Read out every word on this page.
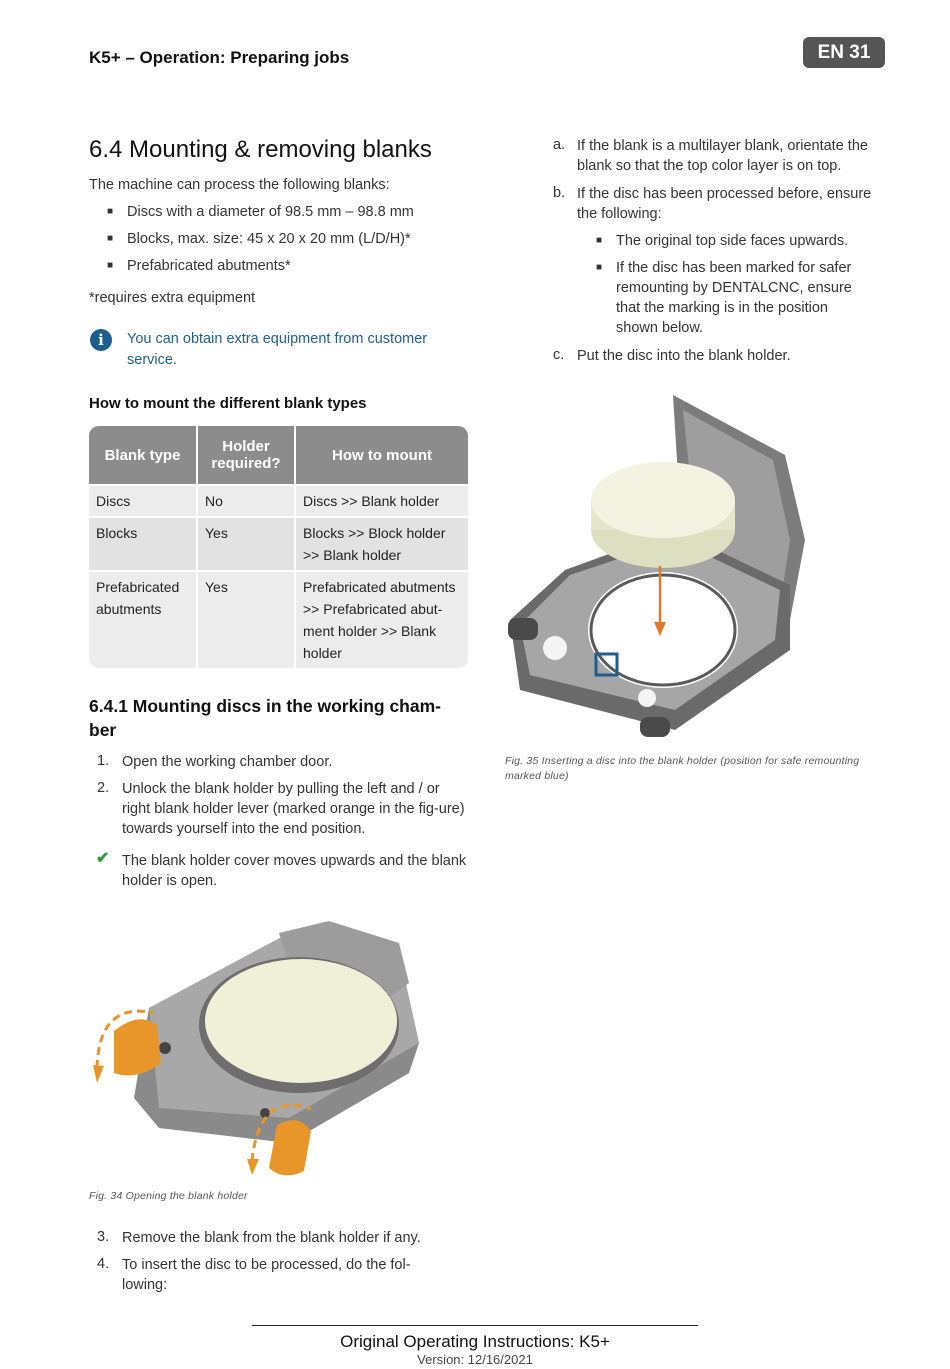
K5+ – Operation: Preparing jobs	EN 31
6.4 Mounting & removing blanks
The machine can process the following blanks:
■ Discs with a diameter of 98.5 mm – 98.8 mm
■ Blocks, max. size: 45 x 20 x 20 mm (L/D/H)*
■ Prefabricated abutments*
*requires extra equipment
i	You can obtain extra equipment from customer service.
How to mount the different blank types
Blank type	Holder required?	How to mount
Discs	No	Discs >> Blank holder
Blocks	Yes	Blocks >> Block holder >> Blank holder
Prefabricated abutments	Yes	Prefabricated abutments >> Prefabricated abut-ment holder >> Blank holder
6.4.1 Mounting discs in the working cham-ber
1. Open the working chamber door.
2. Unlock the blank holder by pulling the left and / or right blank holder lever (marked orange in the fig-ure) towards yourself into the end position.
✔ The blank holder cover moves upwards and the blank holder is open.
Fig. 34 Opening the blank holder
3. Remove the blank from the blank holder if any.
4. To insert the disc to be processed, do the fol-lowing:
a. If the blank is a multilayer blank, orientate the blank so that the top color layer is on top.
b. If the disc has been processed before, ensure the following:
■ The original top side faces upwards.
■ If the disc has been marked for safer remounting by DENTALCNC, ensure that the marking is in the position shown below.
c. Put the disc into the blank holder.
Fig. 35 Inserting a disc into the blank holder (position for safe remounting marked blue)
Original Operating Instructions: K5+
Version: 12/16/2021
